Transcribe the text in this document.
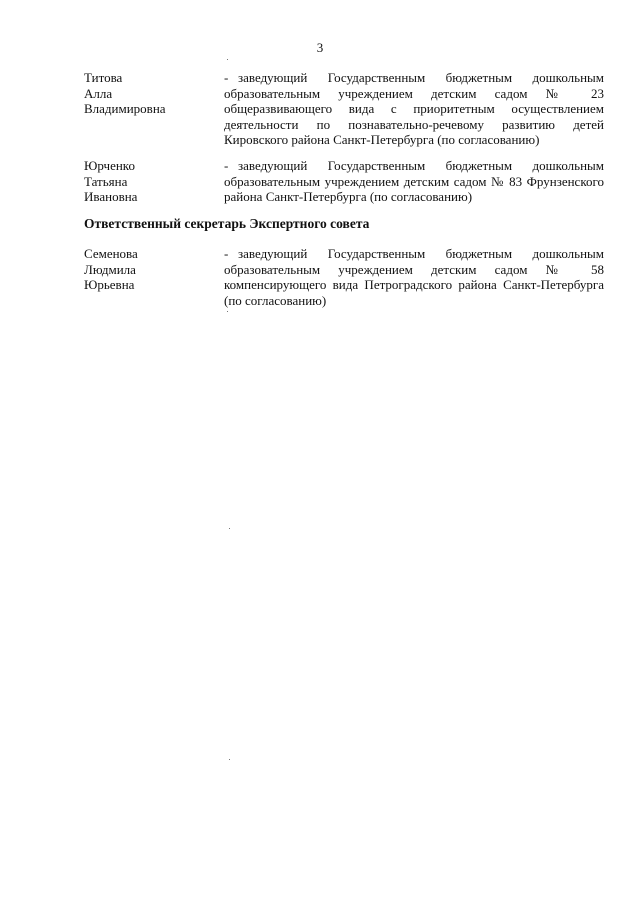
3
Титова
Алла
Владимировна
- заведующий Государственным бюджетным дошкольным образовательным учреждением детским садом № 23 общеразвивающего вида с приоритетным осуществлением деятельности по познавательно-речевому развитию детей Кировского района Санкт-Петербурга (по согласованию)
Юрченко
Татьяна
Ивановна
- заведующий Государственным бюджетным дошкольным образовательным учреждением детским садом № 83 Фрунзенского района Санкт-Петербурга (по согласованию)
Ответственный секретарь Экспертного совета
Семенова
Людмила
Юрьевна
- заведующий Государственным бюджетным дошкольным образовательным учреждением детским садом № 58 компенсирующего вида Петроградского района Санкт-Петербурга (по согласованию)
